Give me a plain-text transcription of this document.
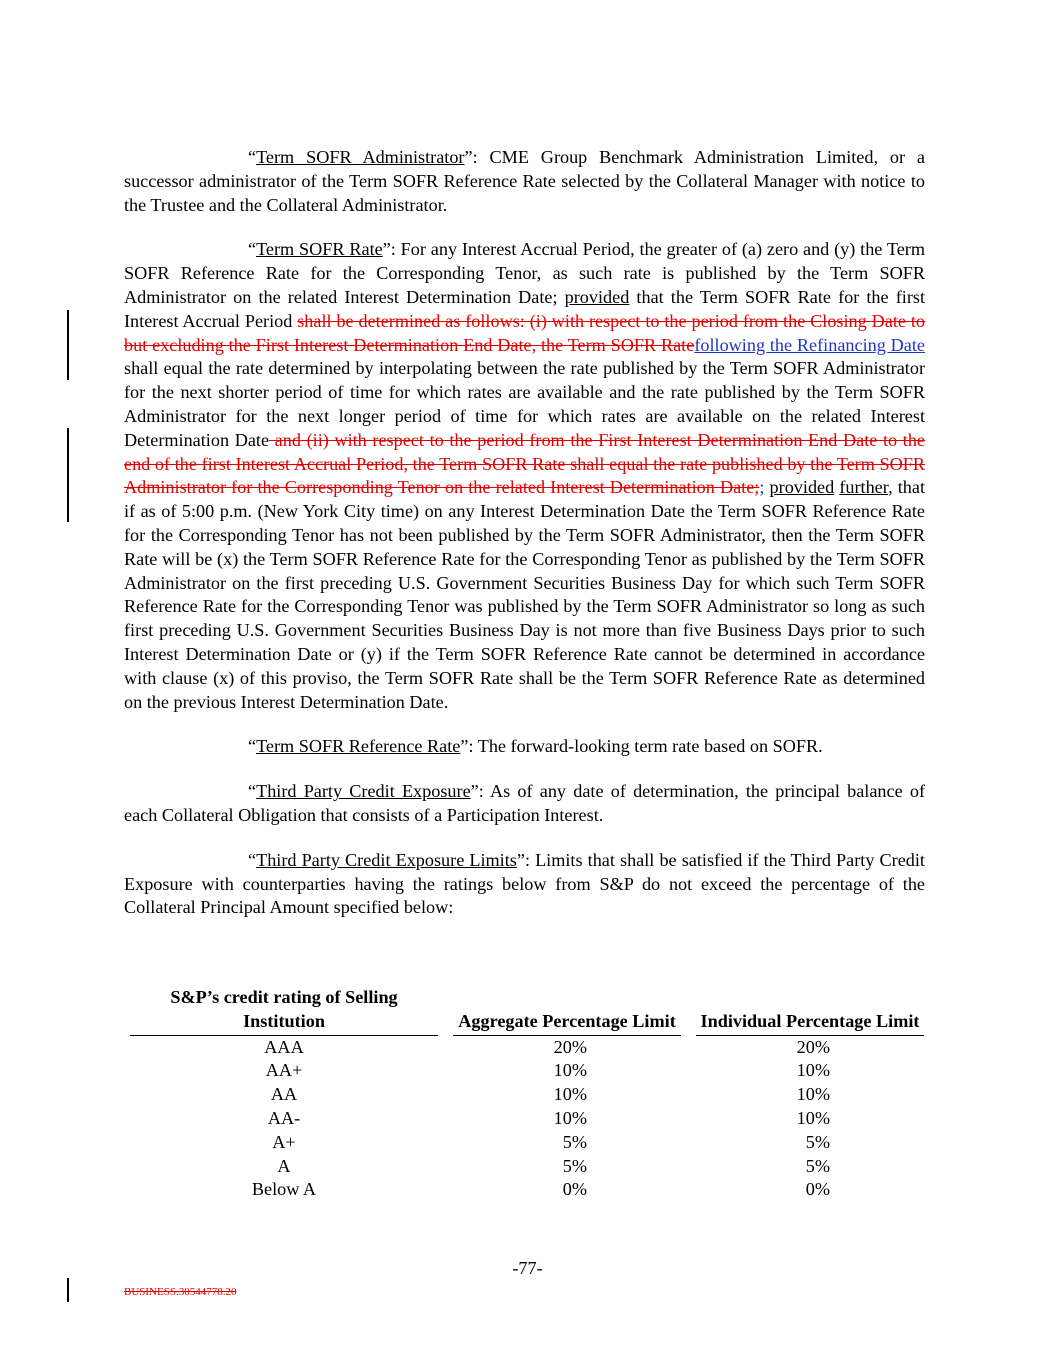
“Term SOFR Administrator”: CME Group Benchmark Administration Limited, or a successor administrator of the Term SOFR Reference Rate selected by the Collateral Manager with notice to the Trustee and the Collateral Administrator.

“Term SOFR Rate”: For any Interest Accrual Period, the greater of (a) zero and (y) the Term SOFR Reference Rate for the Corresponding Tenor, as such rate is published by the Term SOFR Administrator on the related Interest Determination Date; provided that the Term SOFR Rate for the first Interest Accrual Period shall be determined as follows: (i) with respect to the period from the Closing Date to but excluding the First Interest Determination End Date, the Term SOFR Ratefollowing the Refinancing Date shall equal the rate determined by interpolating between the rate published by the Term SOFR Administrator for the next shorter period of time for which rates are available and the rate published by the Term SOFR Administrator for the next longer period of time for which rates are available on the related Interest Determination Date and (ii) with respect to the period from the First Interest Determination End Date to the end of the first Interest Accrual Period, the Term SOFR Rate shall equal the rate published by the Term SOFR Administrator for the Corresponding Tenor on the related Interest Determination Date;; provided further, that if as of 5:00 p.m. (New York City time) on any Interest Determination Date the Term SOFR Reference Rate for the Corresponding Tenor has not been published by the Term SOFR Administrator, then the Term SOFR Rate will be (x) the Term SOFR Reference Rate for the Corresponding Tenor as published by the Term SOFR Administrator on the first preceding U.S. Government Securities Business Day for which such Term SOFR Reference Rate for the Corresponding Tenor was published by the Term SOFR Administrator so long as such first preceding U.S. Government Securities Business Day is not more than five Business Days prior to such Interest Determination Date or (y) if the Term SOFR Reference Rate cannot be determined in accordance with clause (x) of this proviso, the Term SOFR Rate shall be the Term SOFR Reference Rate as determined on the previous Interest Determination Date.

“Term SOFR Reference Rate”: The forward-looking term rate based on SOFR.

“Third Party Credit Exposure”: As of any date of determination, the principal balance of each Collateral Obligation that consists of a Participation Interest.

“Third Party Credit Exposure Limits”: Limits that shall be satisfied if the Third Party Credit Exposure with counterparties having the ratings below from S&P do not exceed the percentage of the Collateral Principal Amount specified below:

S&P’s credit rating of Selling Institution		Aggregate Percentage Limit		Individual Percentage Limit

AAA		20%		20%
AA+		10%		10%
AA		10%		10%
AA-		10%		10%
A+		5%		5%
A		5%		5%
Below A		0%		0%
-77-
BUSINESS.30544778.20
